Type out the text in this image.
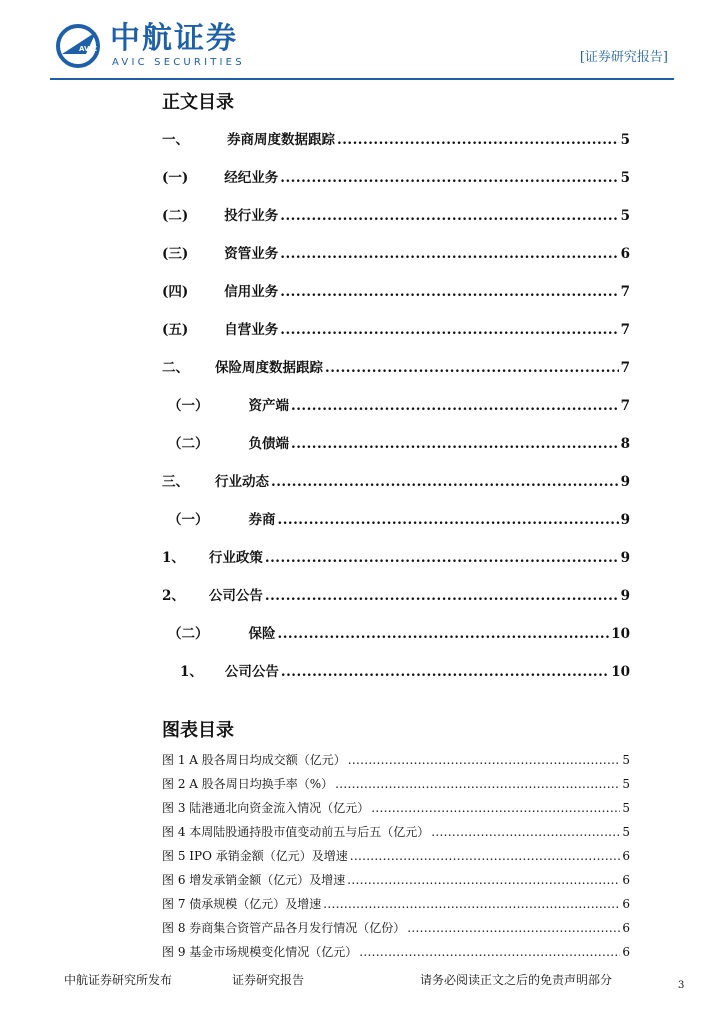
AVIC 中航证券
AVIC SECURITIES	[证券研究报告]
正文目录
一、	券商周度数据跟踪 .....	5
(一)	经纪业务 .....	5
(二)	投行业务 .....	5
(三)	资管业务 .....	6
(四)	信用业务 .....	7
(五)	自营业务 .....	7
二、 保险周度数据跟踪 .....	7
（一）	资产端 .....	7
（二）	负债端 .....	8
三、 行业动态 .....	9
（一）	券商 .....	9
1、 行业政策 .....	9
2、 公司公告 .....	9
（二）	保险 .....	10
1、 公司公告 .....	10
图表目录
图 1 A 股各周日均成交额（亿元） .....	5
图 2 A 股各周日均换手率（%） .....	5
图 3 陆港通北向资金流入情况（亿元） .....	5
图 4 本周陆股通持股市值变动前五与后五（亿元） .....	5
图 5 IPO 承销金额（亿元）及增速 .....	6
图 6 增发承销金额（亿元）及增速 .....	6
图 7 债承规模（亿元）及增速 .....	6
图 8 券商集合资管产品各月发行情况（亿份） .....	6
图 9 基金市场规模变化情况（亿元） .....	6
中航证券研究所发布	证券研究报告	请务必阅读正文之后的免责声明部分	3
